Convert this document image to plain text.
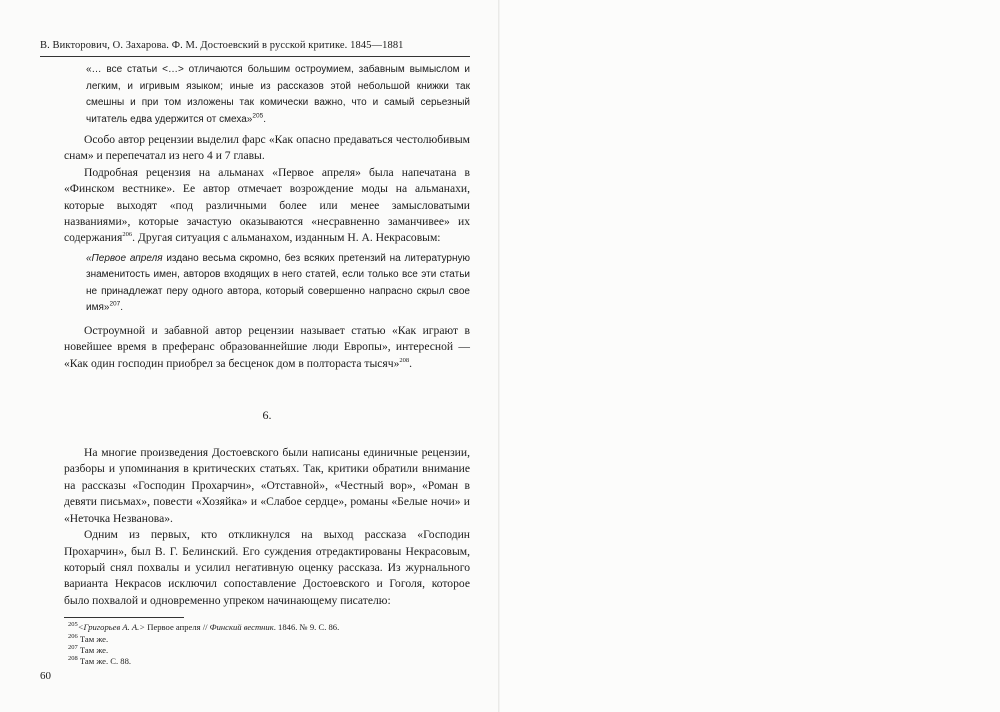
В. Викторович, О. Захарова. Ф. М. Достоевский в русской критике. 1845—1881

«… все статьи <…> отличаются большим остроумием, забавным вымыслом и легким, и игривым языком; иные из рассказов этой небольшой книжки так смешны и при том изложены так комически важно, что и самый серьезный читатель едва удержится от смеха»$^{205}$.

Особо автор рецензии выделил фарс «Как опасно предаваться честолюбивым снам» и перепечатал из него 4 и 7 главы.

Подробная рецензия на альманах «Первое апреля» была напечатана в «Финском вестнике». Ее автор отмечает возрождение моды на альманахи, которые выходят «под различными более или менее замысловатыми названиями», которые зачастую оказываются «несравненно заманчивее» их содержания$^{206}$. Другая ситуация с альманахом, изданным Н. А. Некрасовым:

«Первое апреля издано весьма скромно, без всяких претензий на литературную знаменитость имен, авторов входящих в него статей, если только все эти статьи не принадлежат перу одного автора, который совершенно напрасно скрыл свое имя»$^{207}$.

Остроумной и забавной автор рецензии называет статью «Как играют в новейшее время в преферанс образованнейшие люди Европы», интересной — «Как один господин приобрел за бесценок дом в полтораста тысяч»$^{208}$.

6.

На многие произведения Достоевского были написаны единичные рецензии, разборы и упоминания в критических статьях. Так, критики обратили внимание на рассказы «Господин Прохарчин», «Отставной», «Честный вор», «Роман в девяти письмах», повести «Хозяйка» и «Слабое сердце», романы «Белые ночи» и «Неточка Незванова».

Одним из первых, кто откликнулся на выход рассказа «Господин Прохарчин», был В. Г. Белинский. Его суждения отредактированы Некрасовым, который снял похвалы и усилил негативную оценку рассказа. Из журнального варианта Некрасов исключил сопоставление Достоевского и Гоголя, которое было похвалой и одновременно упреком начинающему писателю:

$^{205}$<Григорьев А. А.> Первое апреля // Финский вестник. 1846. № 9. С. 86.

$^{206}$ Там же.

$^{207}$ Там же.

$^{208}$ Там же. С. 88.

60
